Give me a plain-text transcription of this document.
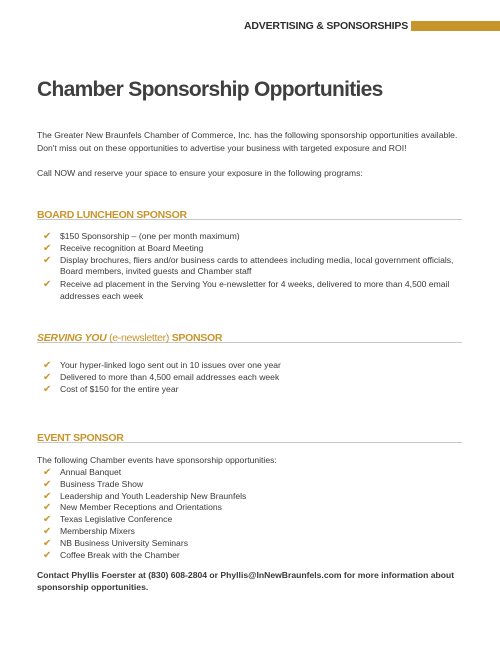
ADVERTISING & SPONSORSHIPS
Chamber Sponsorship Opportunities

The Greater New Braunfels Chamber of Commerce, Inc. has the following sponsorship opportunities available. Don't miss out on these opportunities to advertise your business with targeted exposure and ROI!

Call NOW and reserve your space to ensure your exposure in the following programs:

BOARD LUNCHEON SPONSOR
✔ $150 Sponsorship – (one per month maximum)
✔ Receive recognition at Board Meeting
✔ Display brochures, fliers and/or business cards to attendees including media, local government officials, Board members, invited guests and Chamber staff
✔ Receive ad placement in the Serving You e-newsletter for 4 weeks, delivered to more than 4,500 email addresses each week
SERVING YOU (e-newsletter) SPONSOR
✔ Your hyper-linked logo sent out in 10 issues over one year
✔ Delivered to more than 4,500 email addresses each week
✔ Cost of $150 for the entire year
EVENT SPONSOR

The following Chamber events have sponsorship opportunities:

✔ Annual Banquet
✔ Business Trade Show
✔ Leadership and Youth Leadership New Braunfels
✔ New Member Receptions and Orientations
✔ Texas Legislative Conference
✔ Membership Mixers
✔ NB Business University Seminars
✔ Coffee Break with the Chamber

Contact Phyllis Foerster at (830) 608-2804 or Phyllis@InNewBraunfels.com for more information about sponsorship opportunities.
